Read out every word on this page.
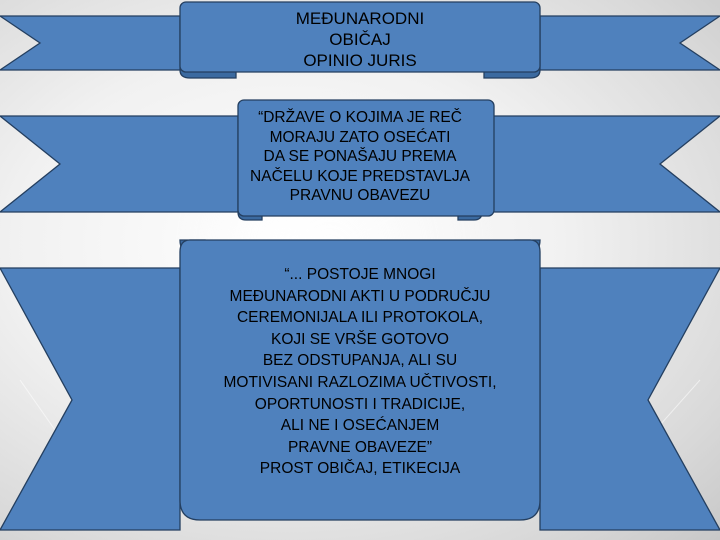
MEĐUNARODNI
OBIČAJ
OPINIO JURIS
“DRŽAVE O KOJIMA JE REČ
MORAJU ZATO OSEĆATI
DA SE PONAŠAJU PREMA
NAČELU KOJE PREDSTAVLJA
PRAVNU OBAVEZU
“... POSTOJE MNOGI
MEĐUNARODNI AKTI U PODRUČJU
CEREMONIJALA ILI PROTOKOLA,
KOJI SE VRŠE GOTOVO
BEZ ODSTUPANJA, ALI SU
MOTIVISANI RAZLOZIMA UČTIVOSTI,
OPORTUNOSTI I TRADICIJE,
ALI NE I OSEĆANJEM
PRAVNE OBAVEZE”
PROST OBIČAJ, ETIKECIJA
